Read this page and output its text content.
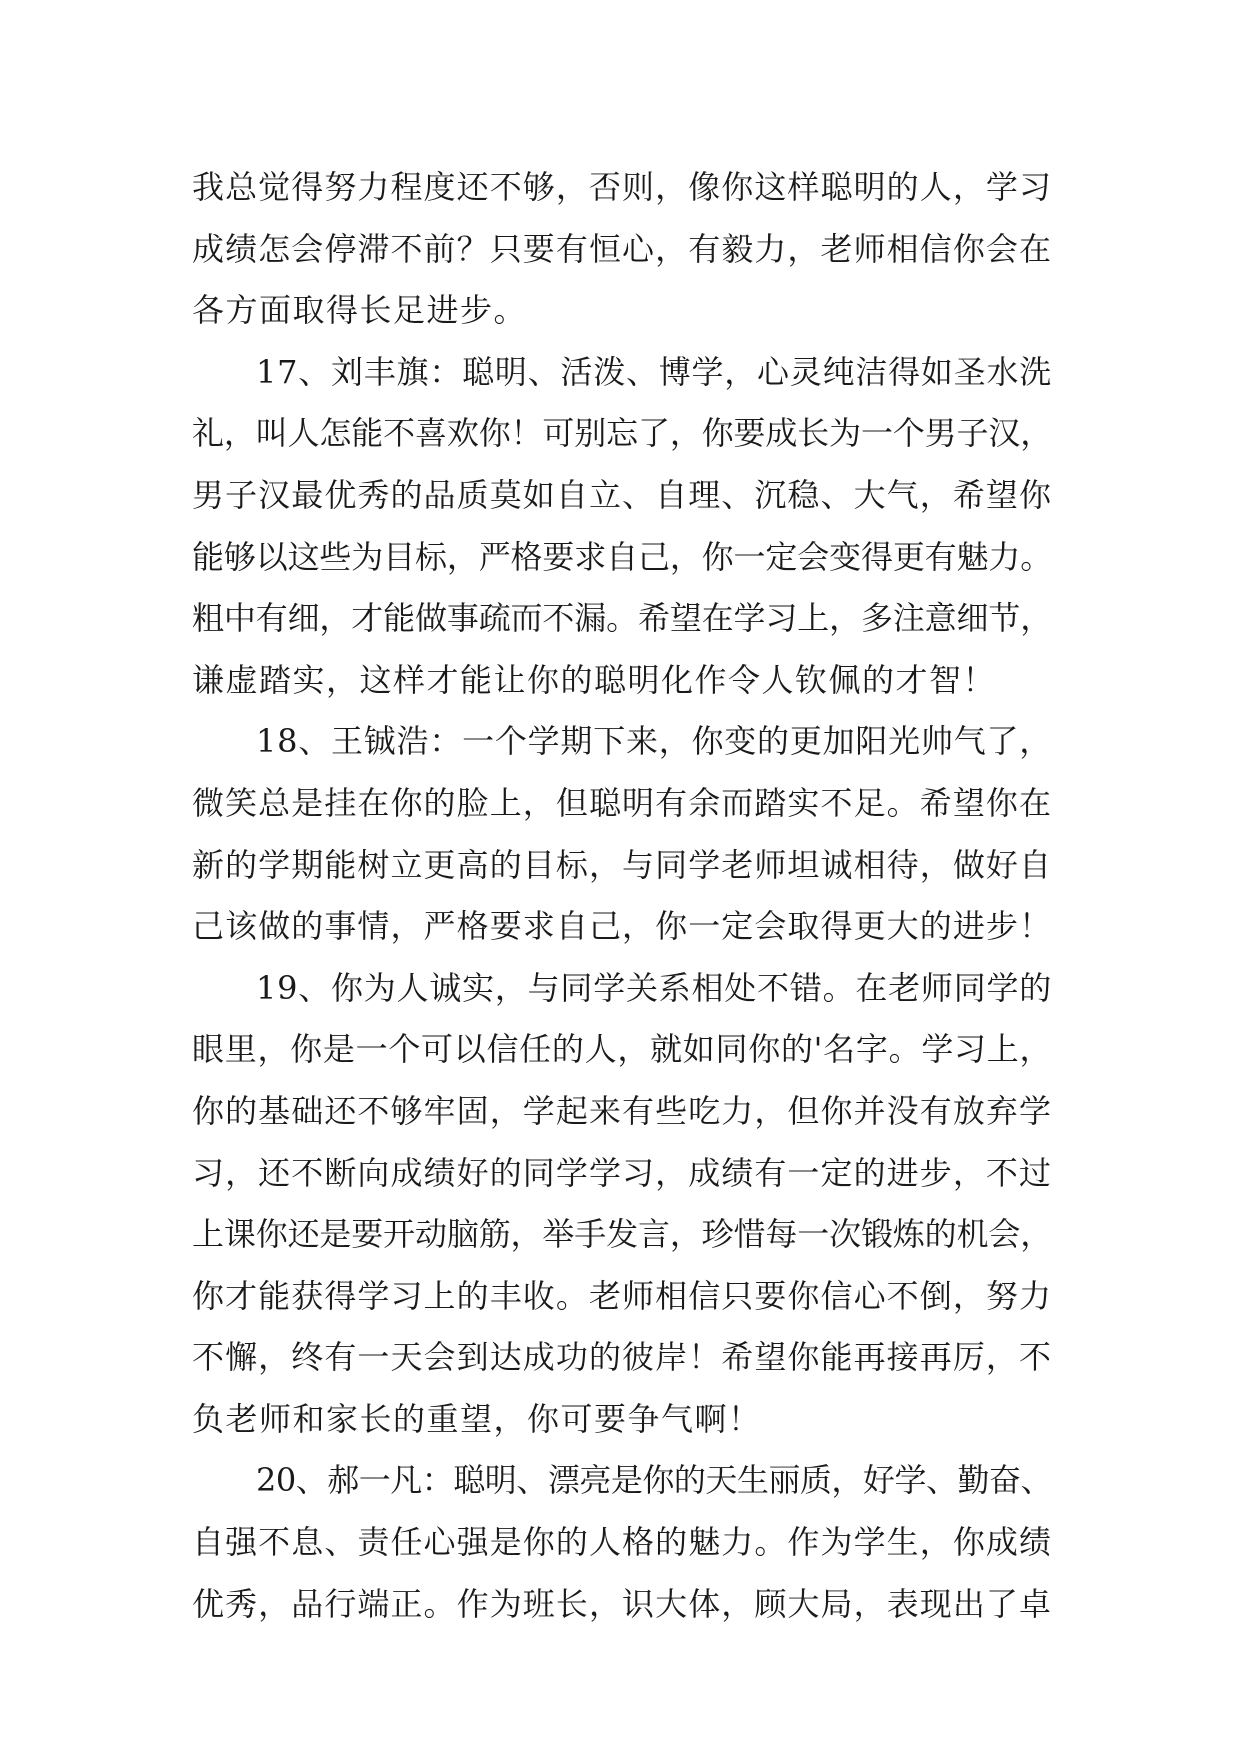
我总觉得努力程度还不够，否则，像你这样聪明的人，学习
成绩怎会停滞不前？只要有恒心，有毅力，老师相信你会在
各方面取得长足进步。
17、刘丰旗：聪明、活泼、博学，心灵纯洁得如圣水洗
礼，叫人怎能不喜欢你！可别忘了，你要成长为一个男子汉，
男子汉最优秀的品质莫如自立、自理、沉稳、大气，希望你
能够以这些为目标，严格要求自己，你一定会变得更有魅力。
粗中有细，才能做事疏而不漏。希望在学习上，多注意细节，
谦虚踏实，这样才能让你的聪明化作令人钦佩的才智！
18、王铖浩：一个学期下来，你变的更加阳光帅气了，
微笑总是挂在你的脸上，但聪明有余而踏实不足。希望你在
新的学期能树立更高的目标，与同学老师坦诚相待，做好自
己该做的事情，严格要求自己，你一定会取得更大的进步！
19、你为人诚实，与同学关系相处不错。在老师同学的
眼里，你是一个可以信任的人，就如同你的'名字。学习上，
你的基础还不够牢固，学起来有些吃力，但你并没有放弃学
习，还不断向成绩好的同学学习，成绩有一定的进步，不过
上课你还是要开动脑筋，举手发言，珍惜每一次锻炼的机会，
你才能获得学习上的丰收。老师相信只要你信心不倒，努力
不懈，终有一天会到达成功的彼岸！希望你能再接再厉，不
负老师和家长的重望，你可要争气啊！
20、郝一凡：聪明、漂亮是你的天生丽质，好学、勤奋、
自强不息、责任心强是你的人格的魅力。作为学生，你成绩
优秀，品行端正。作为班长，识大体，顾大局，表现出了卓
